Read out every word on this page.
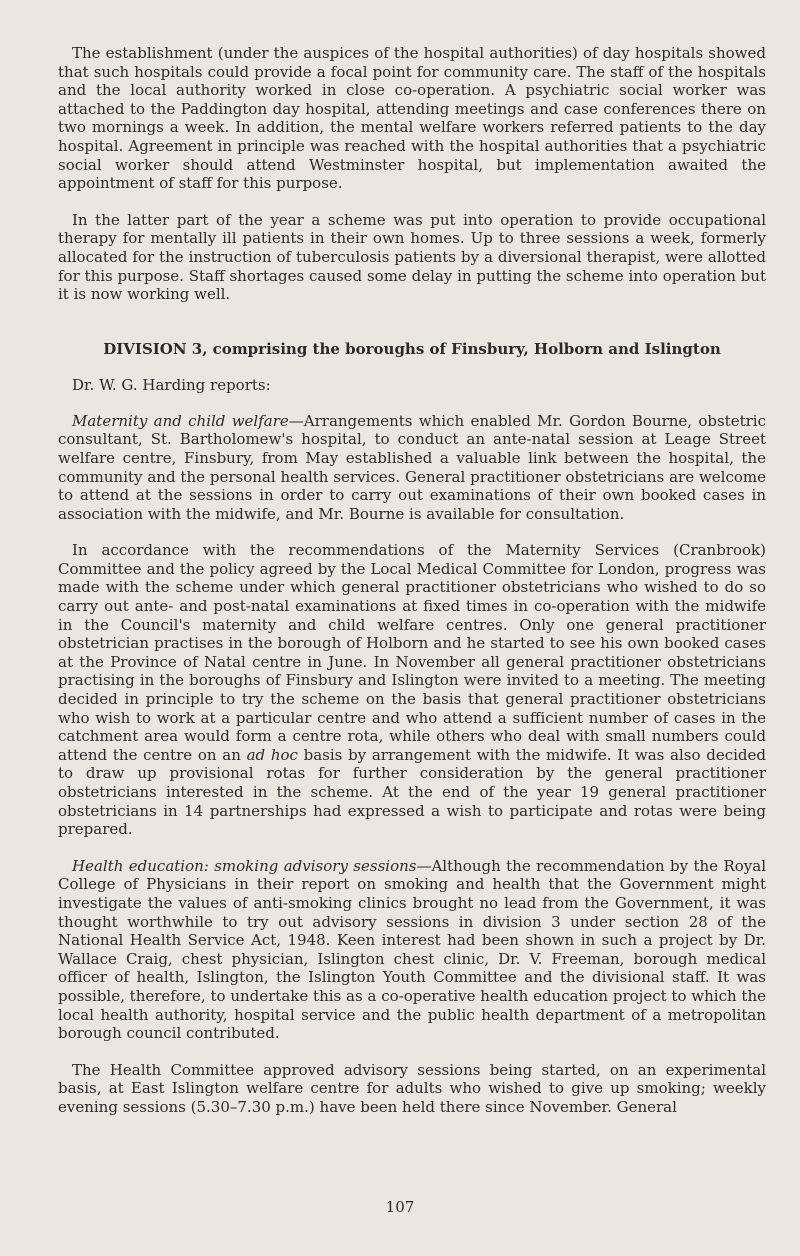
The establishment (under the auspices of the hospital authorities) of day hospitals showed that such hospitals could provide a focal point for community care. The staff of the hospitals and the local authority worked in close co-operation. A psychiatric social worker was attached to the Paddington day hospital, attending meetings and case conferences there on two mornings a week. In addition, the mental welfare workers referred patients to the day hospital. Agreement in principle was reached with the hospital authorities that a psychiatric social worker should attend Westminster hospital, but implementation awaited the appointment of staff for this purpose.

In the latter part of the year a scheme was put into operation to provide occupational therapy for mentally ill patients in their own homes. Up to three sessions a week, formerly allocated for the instruction of tuberculosis patients by a diversional therapist, were allotted for this purpose. Staff shortages caused some delay in putting the scheme into operation but it is now working well.

DIVISION 3, comprising the boroughs of Finsbury, Holborn and Islington

Dr. W. G. Harding reports:

Maternity and child welfare—Arrangements which enabled Mr. Gordon Bourne, obstetric consultant, St. Bartholomew's hospital, to conduct an ante-natal session at Leage Street welfare centre, Finsbury, from May established a valuable link between the hospital, the community and the personal health services. General practitioner obstetricians are welcome to attend at the sessions in order to carry out examinations of their own booked cases in association with the midwife, and Mr. Bourne is available for consultation.

In accordance with the recommendations of the Maternity Services (Cranbrook) Committee and the policy agreed by the Local Medical Committee for London, progress was made with the scheme under which general practitioner obstetricians who wished to do so carry out ante- and post-natal examinations at fixed times in co-operation with the midwife in the Council's maternity and child welfare centres. Only one general practitioner obstetrician practises in the borough of Holborn and he started to see his own booked cases at the Province of Natal centre in June. In November all general practitioner obstetricians practising in the boroughs of Finsbury and Islington were invited to a meeting. The meeting decided in principle to try the scheme on the basis that general practitioner obstetricians who wish to work at a particular centre and who attend a sufficient number of cases in the catchment area would form a centre rota, while others who deal with small numbers could attend the centre on an ad hoc basis by arrangement with the midwife. It was also decided to draw up provisional rotas for further consideration by the general practitioner obstetricians interested in the scheme. At the end of the year 19 general practitioner obstetricians in 14 partnerships had expressed a wish to participate and rotas were being prepared.

Health education: smoking advisory sessions—Although the recommendation by the Royal College of Physicians in their report on smoking and health that the Government might investigate the values of anti-smoking clinics brought no lead from the Government, it was thought worthwhile to try out advisory sessions in division 3 under section 28 of the National Health Service Act, 1948. Keen interest had been shown in such a project by Dr. Wallace Craig, chest physician, Islington chest clinic, Dr. V. Freeman, borough medical officer of health, Islington, the Islington Youth Committee and the divisional staff. It was possible, therefore, to undertake this as a co-operative health education project to which the local health authority, hospital service and the public health department of a metropolitan borough council contributed.

The Health Committee approved advisory sessions being started, on an experimental basis, at East Islington welfare centre for adults who wished to give up smoking; weekly evening sessions (5.30–7.30 p.m.) have been held there since November. General

107
